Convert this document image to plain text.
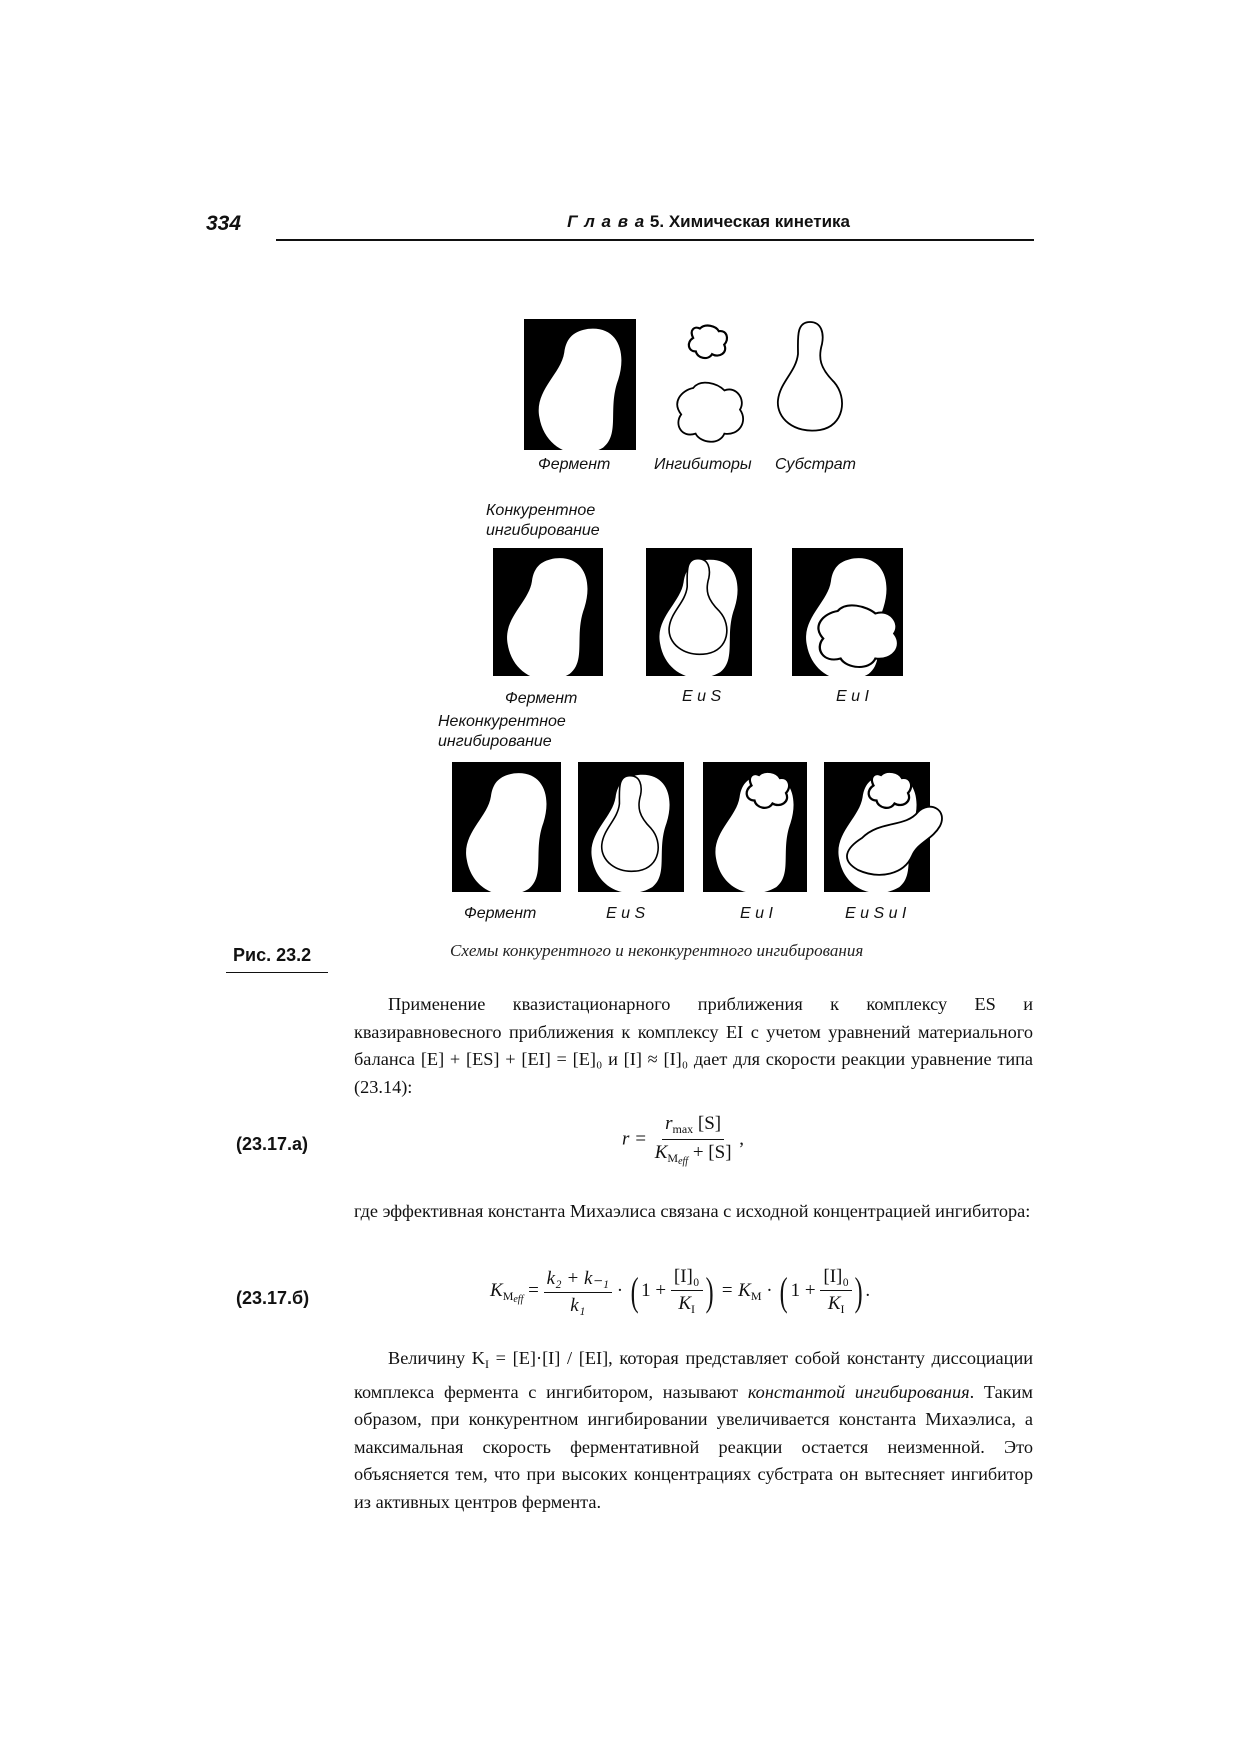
334	Г л а в а 5. Химическая кинетика
Фермент	Ингибиторы Субстрат
Конкурентное
ингибирование
Фермент	E и S	E и I
Неконкурентное
ингибирование
Фермент	E и S	E и I	E и S и I
Рис. 23.2	Схемы конкурентного и неконкурентного ингибирования
Применение квазистационарного приближения к комплексу ES и квазиравновесного приближения к комплексу EI с учетом уравнений материального баланса [E] + [ES] + [EI] = [E]₀ и [I] ≈ [I]₀ дает для скорости реакции уравнение типа (23.14):
(23.17.а)	$r = \frac{r_{max} [S]}{K_{Meff} + [S]}$ ,
где эффективная константа Михаэлиса связана с исходной концентрацией ингибитора:
(23.17.б)	$K_{Meff} = \frac{\text{k₂ + k₋₁}}{\text{k₁}}$ · ( $1 + \frac{\text{[I]₀}}{K_I}$ ) = $K_M$ · ( $1 + \frac{\text{[I]₀}}{K_I}$ ) .
Величину $K_I = [E]\cdot[I] / [EI]$, которая представляет собой константу диссоциации комплекса фермента с ингибитором, называют константой ингибирования. Таким образом, при конкурентном ингибировании увеличивается константа Михаэлиса, а максимальная скорость ферментативной реакции остается неизменной. Это объясняется тем, что при высоких концентрациях субстрата он вытесняет ингибитор из активных центров фермента.
